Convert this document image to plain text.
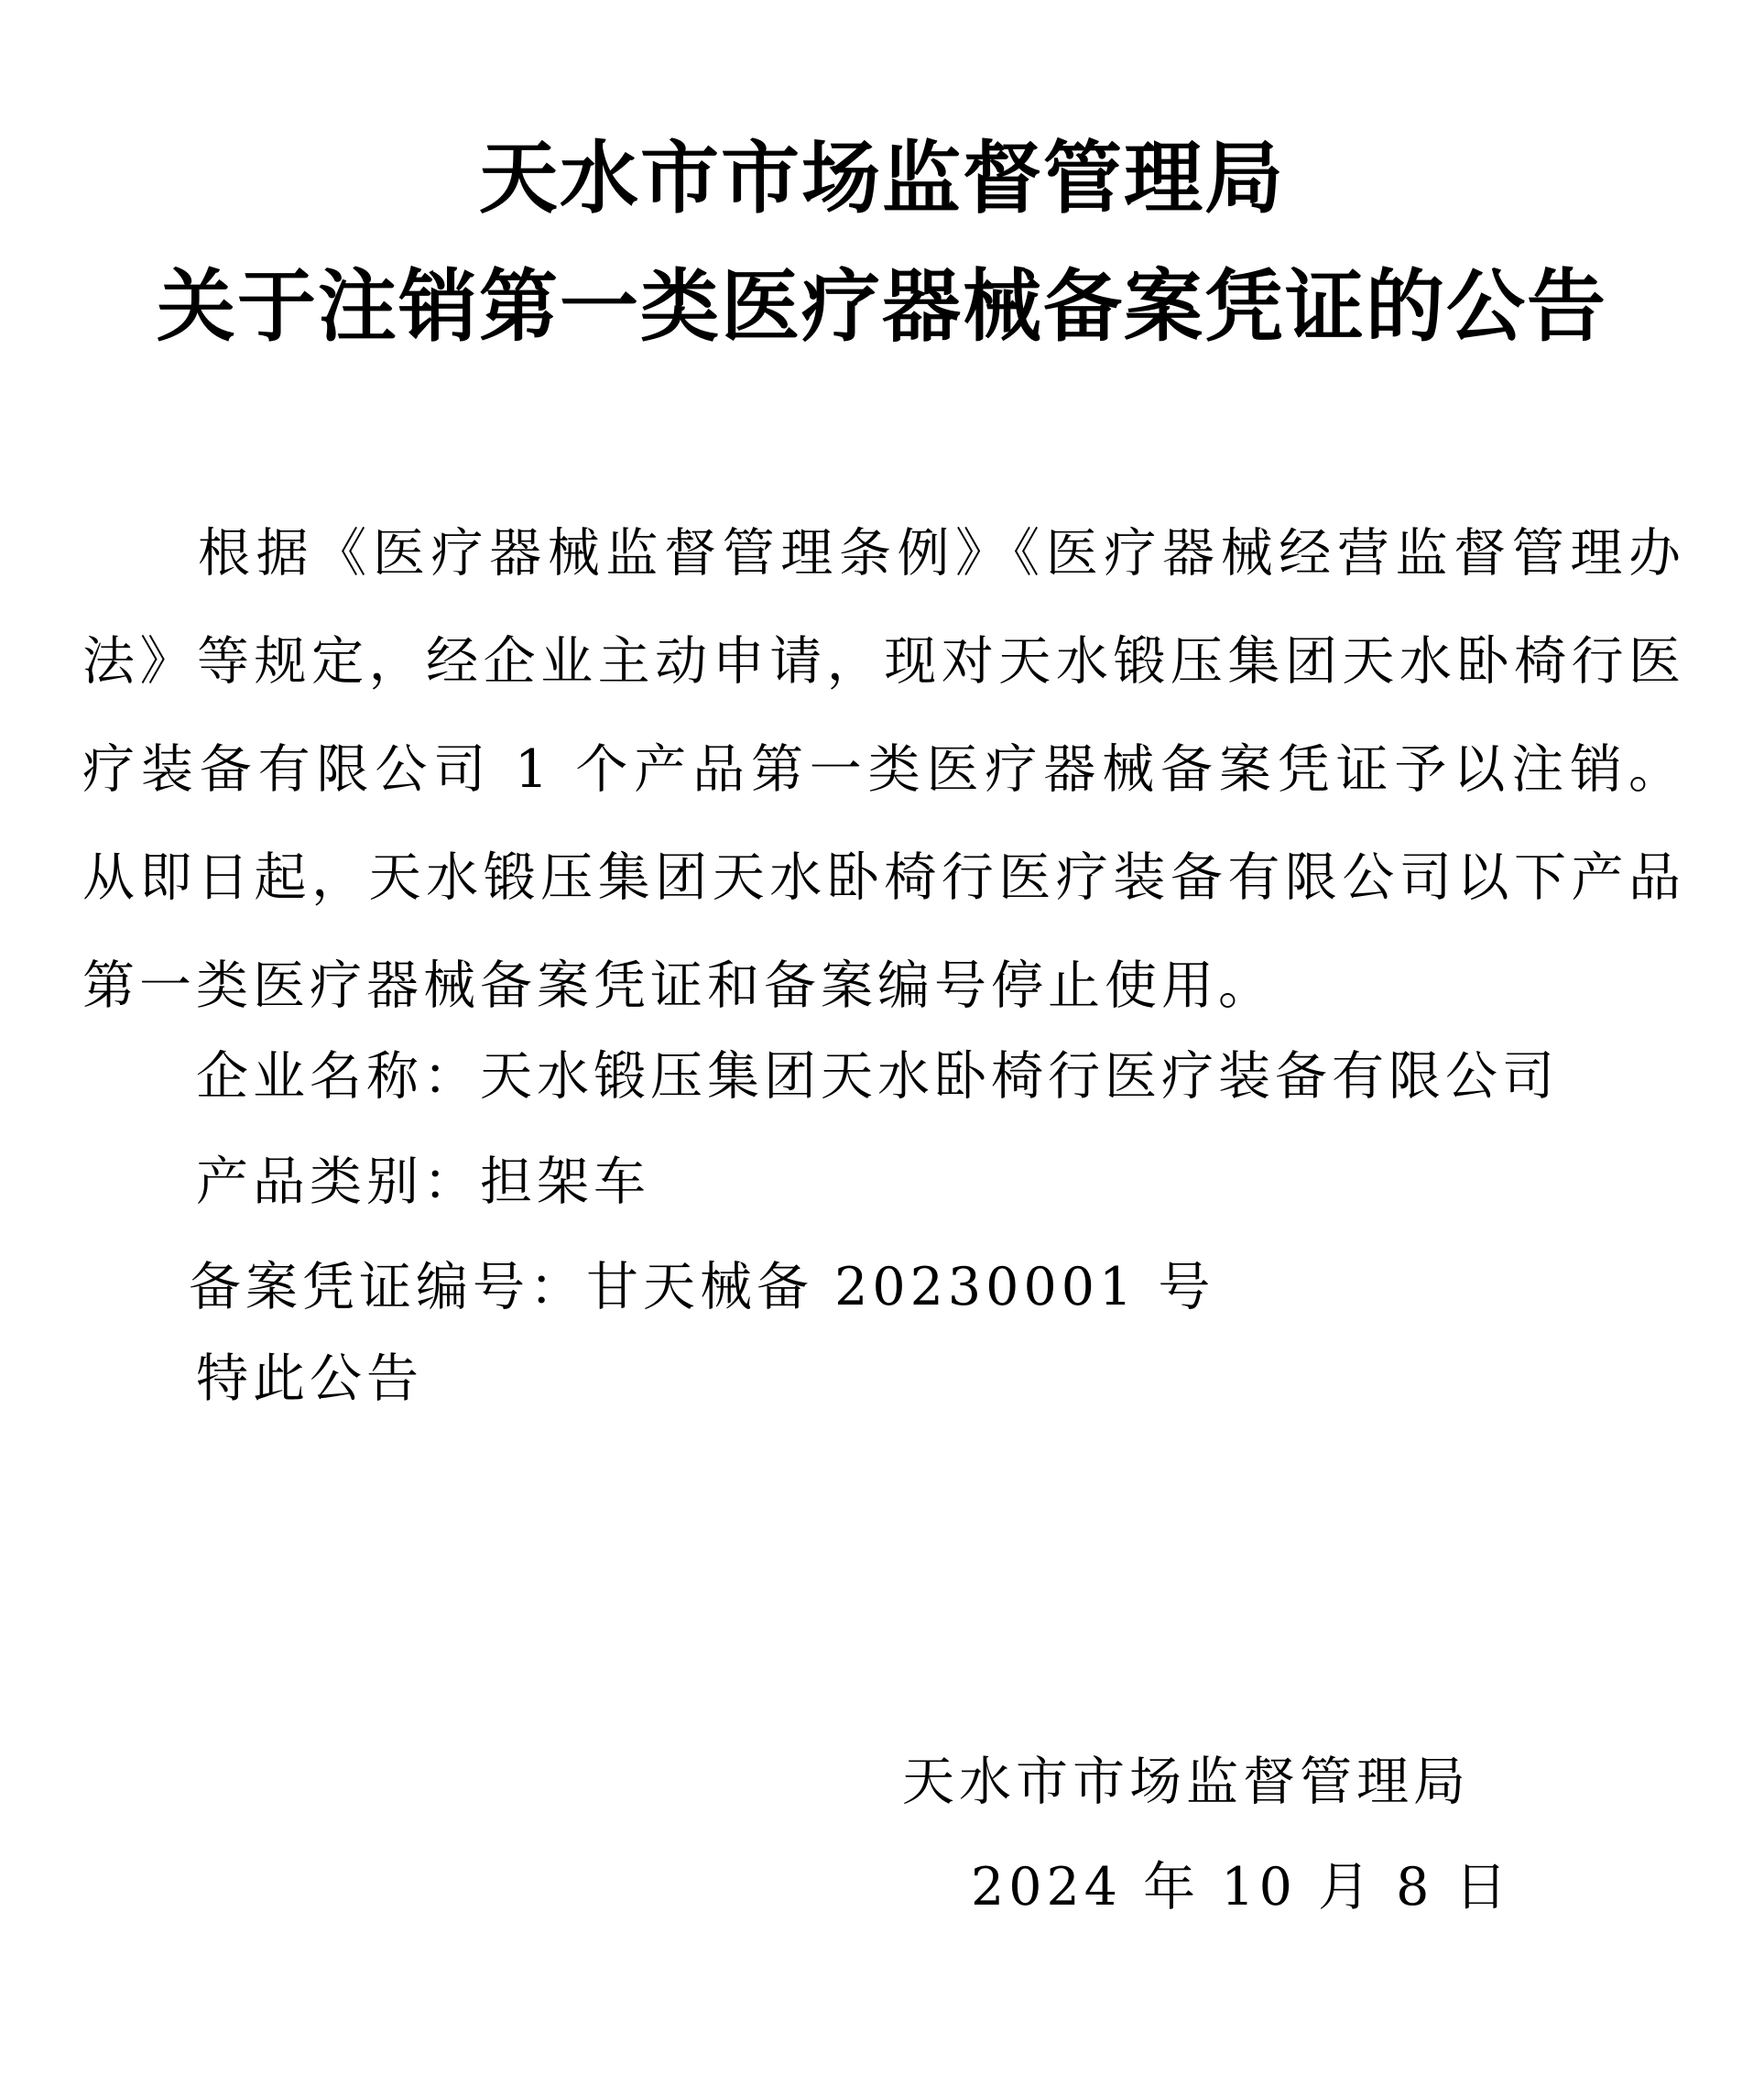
天水市市场监督管理局
关于注销第一类医疗器械备案凭证的公告

根据《医疗器械监督管理条例》《医疗器械经营监督管理办法》等规定，经企业主动申请，现对天水锻压集团天水卧椅行医疗装备有限公司 1 个产品第一类医疗器械备案凭证予以注销。从即日起，天水锻压集团天水卧椅行医疗装备有限公司以下产品第一类医疗器械备案凭证和备案编号停止使用。

企业名称：天水锻压集团天水卧椅行医疗装备有限公司
产品类别：担架车
备案凭证编号：甘天械备 20230001 号
特此公告
天水市市场监督管理局
2024 年 10 月 8 日
